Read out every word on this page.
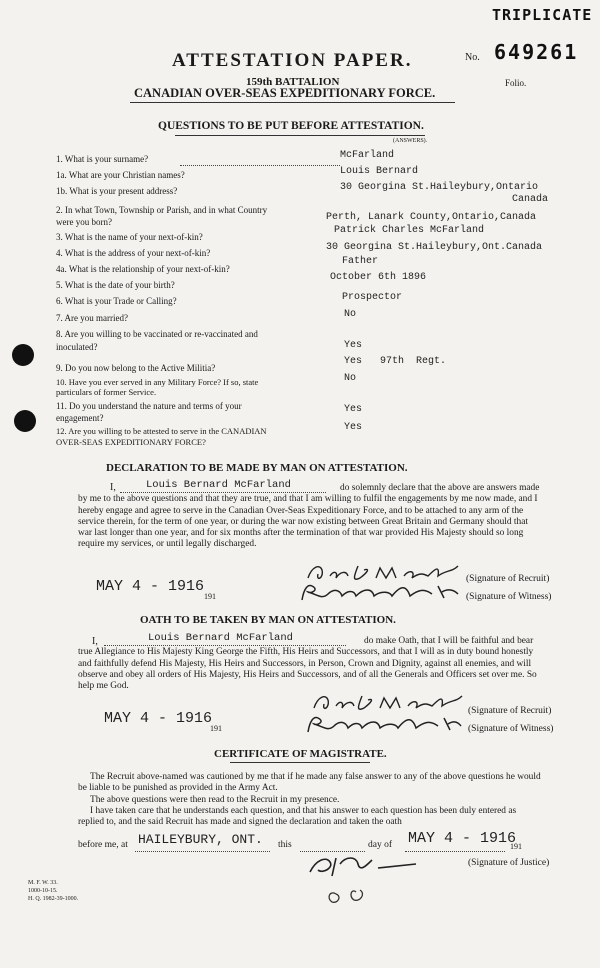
TRIPLICATE
No. 649261
Folio.
ATTESTATION PAPER.
159th BATTALION
CANADIAN OVER-SEAS EXPEDITIONARY FORCE.
QUESTIONS TO BE PUT BEFORE ATTESTATION.
(ANSWERS).
1. What is your surname?	McFarland
1a. What are your Christian names?	Louis Bernard
1b. What is your present address?	30 Georgina St.Haileybury,Ontario
Canada
2. In what Town, Township or Parish, and in what Country were you born?	Perth, Lanark County,Ontario,Canada
3. What is the name of your next-of-kin?
Patrick Charles McFarland
4. What is the address of your next-of-kin?	30 Georgina St.Haileybury,Ont.Canada
4a. What is the relationship of your next-of-kin?
Father
5. What is the date of your birth?
October 6th 1896
6. What is your Trade or Calling?	Prospector
7. Are you married?	No
8. Are you willing to be vaccinated or re-vaccinated and inoculated?	Yes
9. Do you now belong to the Active Militia?
Yes   97th  Regt.
10. Have you ever served in any Military Force? If so, state particulars of former Service.
No
11. Do you understand the nature and terms of your engagement?
Yes
12. Are you willing to be attested to serve in the CANADIAN OVER-SEAS EXPEDITIONARY FORCE?
Yes
DECLARATION TO BE MADE BY MAN ON ATTESTATION.
I,	Louis Bernard McFarland	do solemnly declare that the above are answers made by me to the above questions and that they are true, and that I am willing to fulfil the engagements by me now made, and I hereby engage and agree to serve in the Canadian Over-Seas Expeditionary Force, and to be attached to any arm of the service therein, for the term of one year, or during the war now existing between Great Britain and Germany should that war last longer than one year, and for six months after the termination of that war provided His Majesty should so long require my services, or until legally discharged.
MAY 4 - 1916
191
(Signature of Recruit)
(Signature of Witness)
OATH TO BE TAKEN BY MAN ON ATTESTATION.
I,	Louis Bernard McFarland	do make Oath, that I will be faithful and bear true Allegiance to His Majesty King George the Fifth, His Heirs and Successors, and that I will as in duty bound honestly and faithfully defend His Majesty, His Heirs and Successors, in Person, Crown and Dignity, against all enemies, and will observe and obey all orders of His Majesty, His Heirs and Successors, and of all the Generals and Officers set over me. So help me God.
MAY 4 - 1916
191
(Signature of Recruit)
(Signature of Witness)
CERTIFICATE OF MAGISTRATE.
The Recruit above-named was cautioned by me that if he made any false answer to any of the above questions he would be liable to be punished as provided in the Army Act.
The above questions were then read to the Recruit in my presence.
I have taken care that he understands each question, and that his answer to each question has been duly entered as replied to, and the said Recruit has made and signed the declaration and taken the oath
before me, at HAILEYBURY, ONT. this	day of MAY 4 - 1916
191
(Signature of Justice)
M. F. W. 33.
1000-10-15.
H. Q. 1982-39-1000.
